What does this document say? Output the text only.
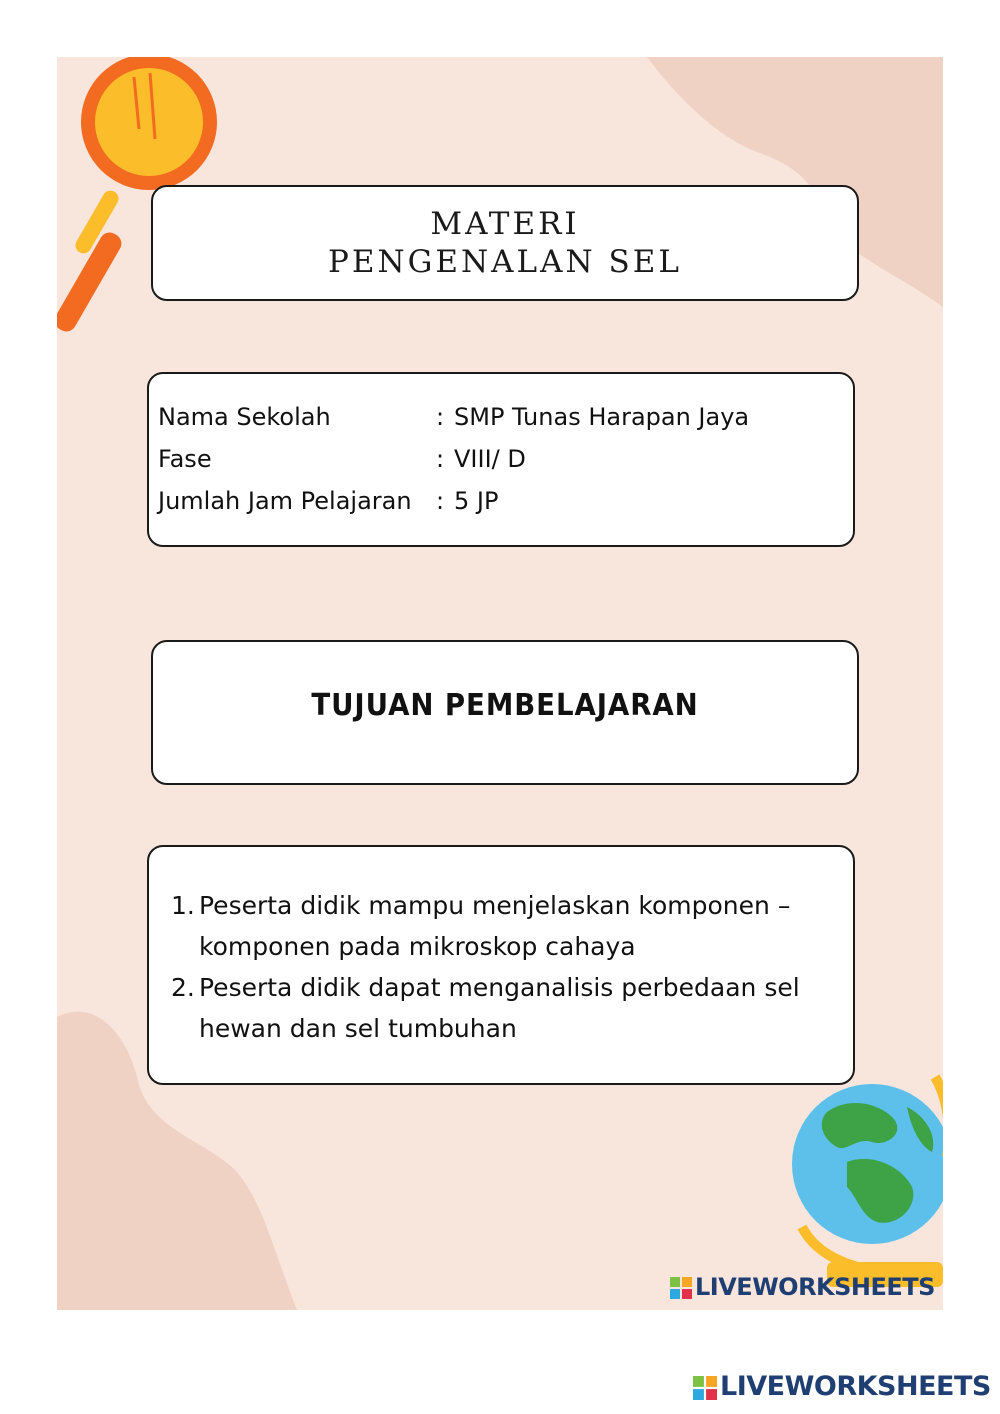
LIVEWORKSHEETS
MATERI
PENGENALAN SEL
Nama Sekolah	: SMP Tunas Harapan Jaya
Fase	: VIII/ D
Jumlah Jam Pelajaran	: 5 JP
TUJUAN PEMBELAJARAN
1. Peserta didik mampu menjelaskan komponen – komponen pada mikroskop cahaya
2. Peserta didik dapat menganalisis perbedaan sel hewan dan sel tumbuhan
LIVEWORKSHEETS
